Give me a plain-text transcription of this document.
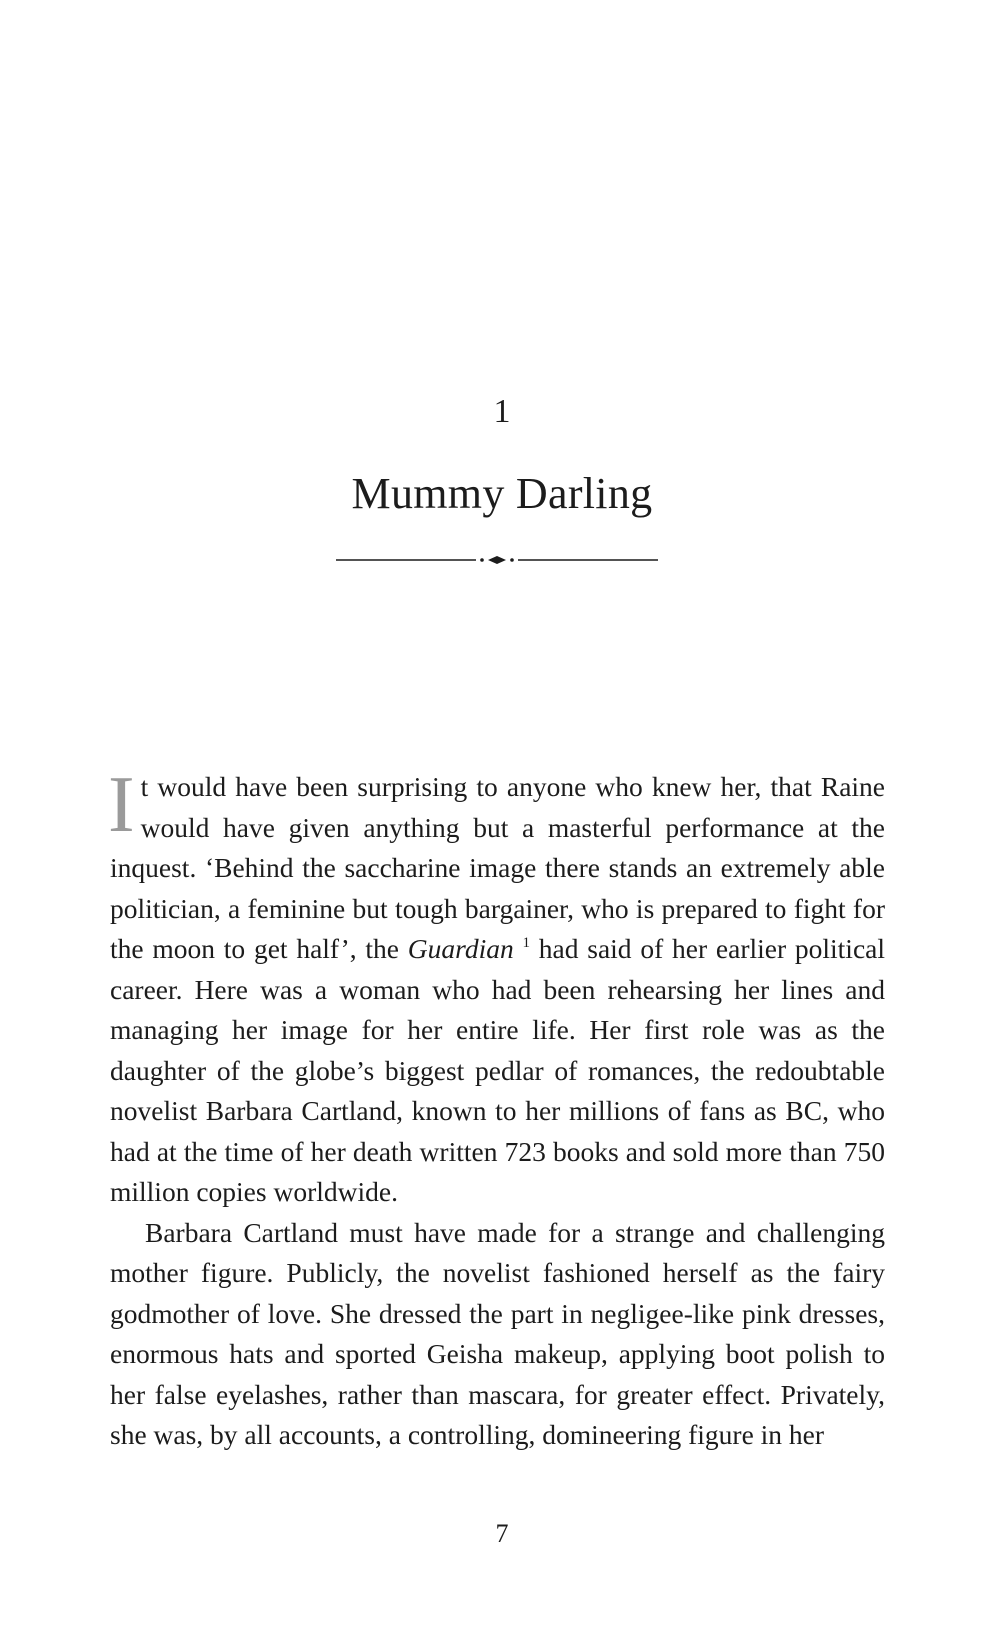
1
Mummy Darling

It would have been surprising to anyone who knew her, that Raine would have given anything but a masterful performance at the inquest. ‘Behind the saccharine image there stands an extremely able politician, a feminine but tough bargainer, who is prepared to fight for the moon to get half’, the Guardian $^1$ had said of her earlier political career. Here was a woman who had been rehearsing her lines and managing her image for her entire life. Her first role was as the daughter of the globe’s biggest pedlar of romances, the redoubtable novelist Barbara Cartland, known to her millions of fans as BC, who had at the time of her death written 723 books and sold more than 750 million copies worldwide.

Barbara Cartland must have made for a strange and challenging mother figure. Publicly, the novelist fashioned herself as the fairy godmother of love. She dressed the part in negligee-like pink dresses, enormous hats and sported Geisha makeup, applying boot polish to her false eyelashes, rather than mascara, for greater effect. Privately, she was, by all accounts, a controlling, domineering figure in her

7
